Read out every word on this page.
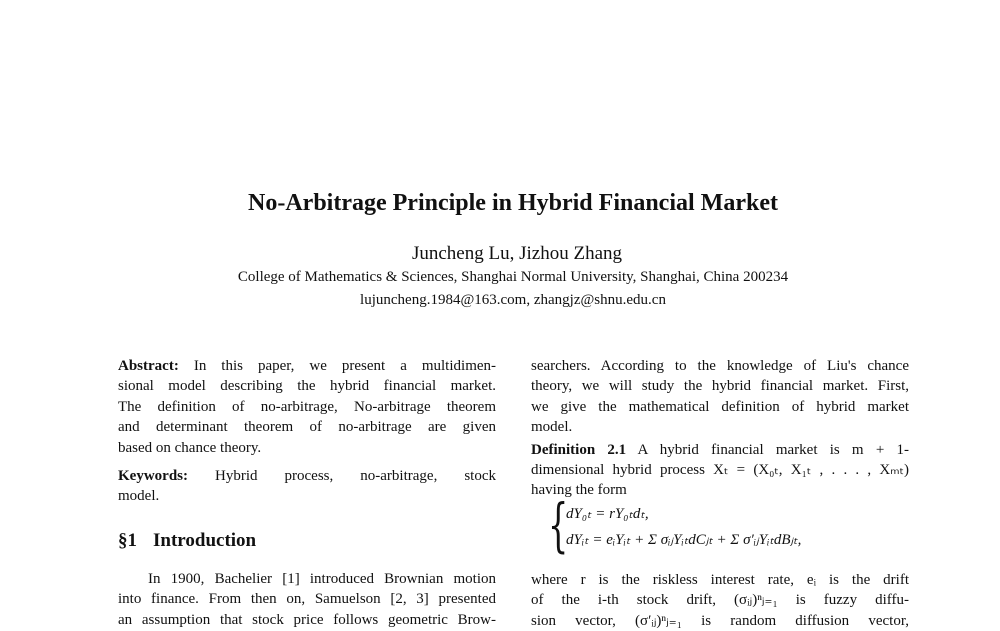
No-Arbitrage Principle in Hybrid Financial Market
Juncheng Lu, Jizhou Zhang
College of Mathematics & Sciences, Shanghai Normal University, Shanghai, China 200234
lujuncheng.1984@163.com, zhangjz@shnu.edu.cn

Abstract: In this paper, we present a multidimen-

sional model describing the hybrid financial market.

The definition of no-arbitrage, No-arbitrage theorem

and determinant theorem of no-arbitrage are given

based on chance theory.

Keywords: Hybrid process, no-arbitrage, stock

model.

§1 Introduction

In 1900, Bachelier [1] introduced Brownian motion

into finance. From then on, Samuelson [2, 3] presented

an assumption that stock price follows geometric Brow-

searchers. According to the knowledge of Liu's chance

theory, we will study the hybrid financial market. First,

we give the mathematical definition of hybrid market

model.

Definition 2.1 A hybrid financial market is m + 1-

dimensional hybrid process Xₜ = (X₀ₜ, X₁ₜ , . . . , Xₘₜ)

having the form

{
dY₀ₜ = rY₀ₜdₜ,
dYᵢₜ = eᵢYᵢₜ + Σ σᵢⱼYᵢₜdCⱼₜ + Σ σ′ᵢⱼYᵢₜdBⱼₜ,

where r is the riskless interest rate, eᵢ is the drift

of the i-th stock drift, (σᵢⱼ)ⁿⱼ₌₁ is fuzzy diffu-

sion vector, (σ′ᵢⱼ)ⁿⱼ₌₁ is random diffusion vector,
